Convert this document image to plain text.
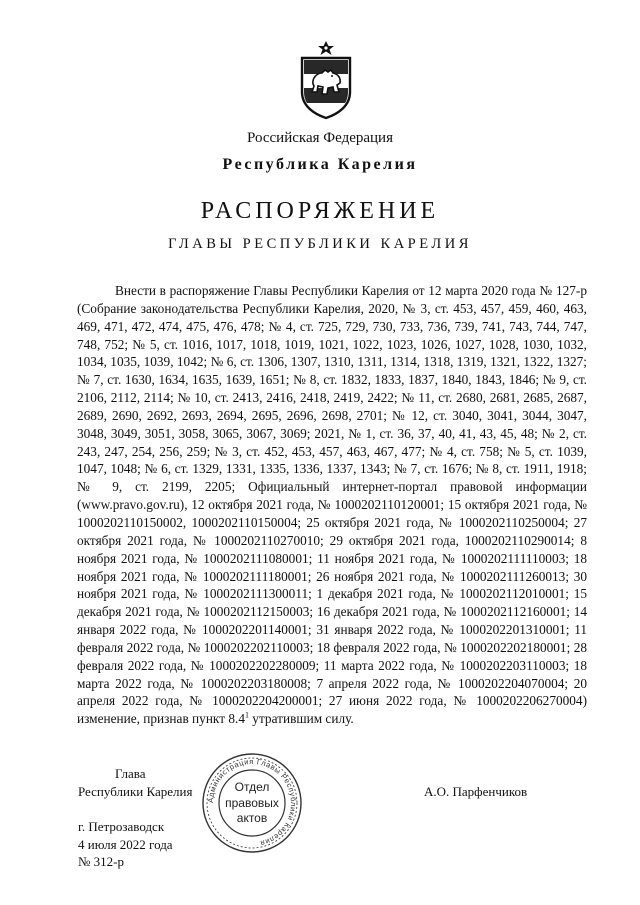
Российская Федерация
Республика Карелия
РАСПОРЯЖЕНИЕ
ГЛАВЫ РЕСПУБЛИКИ КАРЕЛИЯ
Внести в распоряжение Главы Республики Карелия от 12 марта 2020 года № 127-р (Собрание законодательства Республики Карелия, 2020, № 3, ст. 453, 457, 459, 460, 463, 469, 471, 472, 474, 475, 476, 478; № 4, ст. 725, 729, 730, 733, 736, 739, 741, 743, 744, 747, 748, 752; № 5, ст. 1016, 1017, 1018, 1019, 1021, 1022, 1023, 1026, 1027, 1028, 1030, 1032, 1034, 1035, 1039, 1042; № 6, ст. 1306, 1307, 1310, 1311, 1314, 1318, 1319, 1321, 1322, 1327; № 7, ст. 1630, 1634, 1635, 1639, 1651; № 8, ст. 1832, 1833, 1837, 1840, 1843, 1846; № 9, ст. 2106, 2112, 2114; № 10, ст. 2413, 2416, 2418, 2419, 2422; № 11, ст. 2680, 2681, 2685, 2687, 2689, 2690, 2692, 2693, 2694, 2695, 2696, 2698, 2701; № 12, ст. 3040, 3041, 3044, 3047, 3048, 3049, 3051, 3058, 3065, 3067, 3069; 2021, № 1, ст. 36, 37, 40, 41, 43, 45, 48; № 2, ст. 243, 247, 254, 256, 259; № 3, ст. 452, 453, 457, 463, 467, 477; № 4, ст. 758; № 5, ст. 1039, 1047, 1048; № 6, ст. 1329, 1331, 1335, 1336, 1337, 1343; № 7, ст. 1676; № 8, ст. 1911, 1918; № 9, ст. 2199, 2205; Официальный интернет-портал правовой информации (www.pravo.gov.ru), 12 октября 2021 года, № 1000202110120001; 15 октября 2021 года, № 1000202110150002, 1000202110150004; 25 октября 2021 года, № 1000202110250004; 27 октября 2021 года, № 1000202110270010; 29 октября 2021 года, 1000202110290014; 8 ноября 2021 года, № 1000202111080001; 11 ноября 2021 года, № 1000202111110003; 18 ноября 2021 года, № 1000202111180001; 26 ноября 2021 года, № 1000202111260013; 30 ноября 2021 года, № 1000202111300011; 1 декабря 2021 года, № 1000202112010001; 15 декабря 2021 года, № 1000202112150003; 16 декабря 2021 года, № 1000202112160001; 14 января 2022 года, № 1000202201140001; 31 января 2022 года, № 1000202201310001; 11 февраля 2022 года, № 1000202202110003; 18 февраля 2022 года, № 1000202202180001; 28 февраля 2022 года, № 1000202202280009; 11 марта 2022 года, № 1000202203110003; 18 марта 2022 года, № 1000202203180008; 7 апреля 2022 года, № 1000202204070004; 20 апреля 2022 года, № 1000202204200001; 27 июня 2022 года, № 1000202206270004) изменение, признав пункт $8.4^1$ утратившим силу.
Глава
Республики Карелия	А.О. Парфенчиков
Администрация Главы Республики Карелия
Отдел
правовых
актов
г. Петрозаводск
4 июля 2022 года
№ 312-р
